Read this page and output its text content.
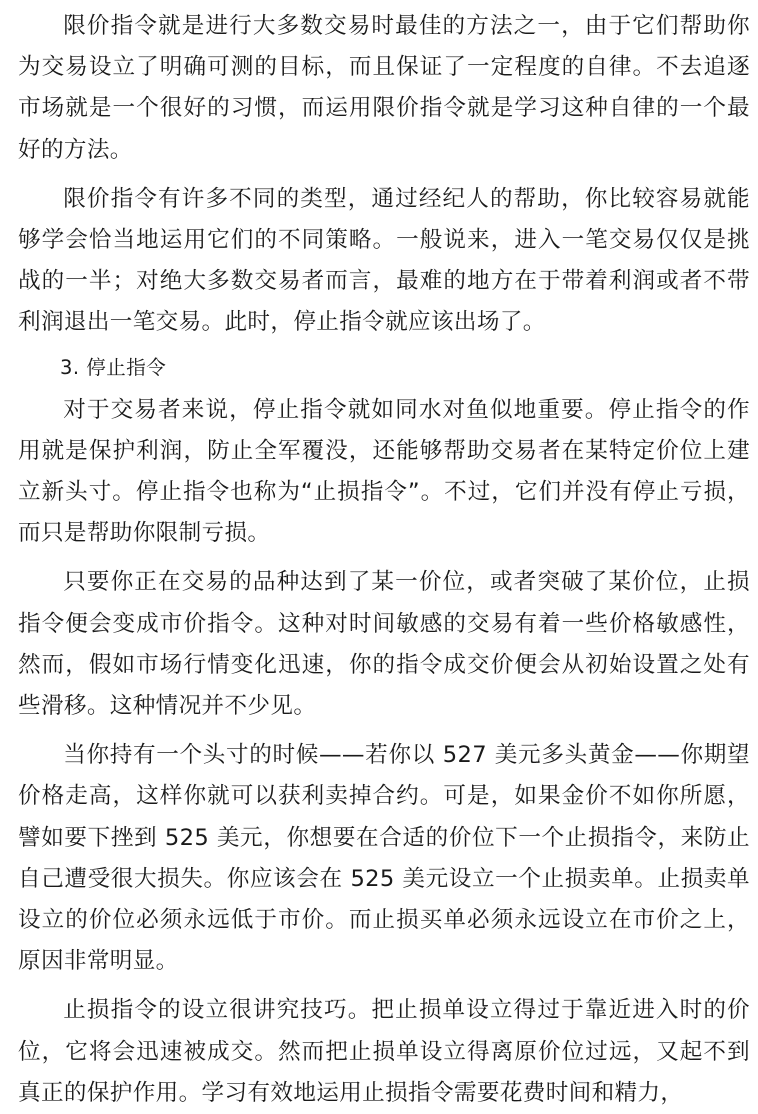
限价指令就是进行大多数交易时最佳的方法之一，由于它们帮助你为交易设立了明确可测的目标，而且保证了一定程度的自律。不去追逐市场就是一个很好的习惯，而运用限价指令就是学习这种自律的一个最好的方法。

限价指令有许多不同的类型，通过经纪人的帮助，你比较容易就能够学会恰当地运用它们的不同策略。一般说来，进入一笔交易仅仅是挑战的一半；对绝大多数交易者而言，最难的地方在于带着利润或者不带利润退出一笔交易。此时，停止指令就应该出场了。

3. 停止指令

对于交易者来说，停止指令就如同水对鱼似地重要。停止指令的作用就是保护利润，防止全军覆没，还能够帮助交易者在某特定价位上建立新头寸。停止指令也称为“止损指令”。不过，它们并没有停止亏损，而只是帮助你限制亏损。

只要你正在交易的品种达到了某一价位，或者突破了某价位，止损指令便会变成市价指令。这种对时间敏感的交易有着一些价格敏感性，然而，假如市场行情变化迅速，你的指令成交价便会从初始设置之处有些滑移。这种情况并不少见。

当你持有一个头寸的时候——若你以 527 美元多头黄金——你期望价格走高，这样你就可以获利卖掉合约。可是，如果金价不如你所愿，譬如要下挫到 525 美元，你想要在合适的价位下一个止损指令，来防止自己遭受很大损失。你应该会在 525 美元设立一个止损卖单。止损卖单设立的价位必须永远低于市价。而止损买单必须永远设立在市价之上，原因非常明显。

止损指令的设立很讲究技巧。把止损单设立得过于靠近进入时的价位，它将会迅速被成交。然而把止损单设立得离原价位过远，又起不到真正的保护作用。学习有效地运用止损指令需要花费时间和精力，
